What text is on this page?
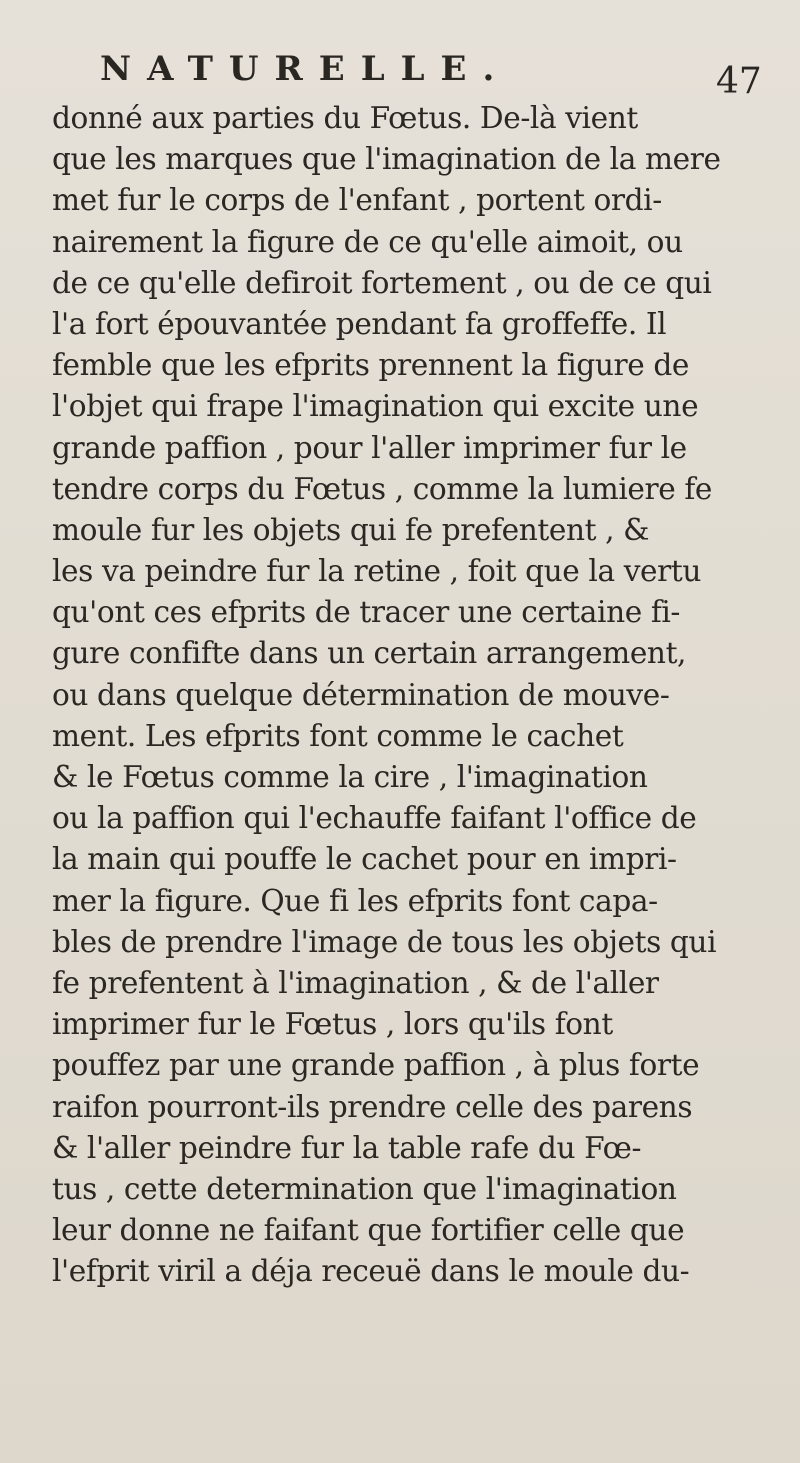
NATURELLE.	47
donné aux parties du Fœtus. De-là vient
que les marques que l'imagination de la mere
met fur le corps de l'enfant , portent ordi-
nairement la figure de ce qu'elle aimoit, ou
de ce qu'elle defiroit fortement , ou de ce qui
l'a fort épouvantée pendant fa groffeffe. Il
femble que les efprits prennent la figure de
l'objet qui frape l'imagination qui excite une
grande paffion , pour l'aller imprimer fur le
tendre corps du Fœtus , comme la lumiere fe
moule fur les objets qui fe prefentent , &
les va peindre fur la retine , foit que la vertu
qu'ont ces efprits de tracer une certaine fi-
gure confifte dans un certain arrangement,
ou dans quelque détermination de mouve-
ment. Les efprits font comme le cachet
& le Fœtus comme la cire , l'imagination
ou la paffion qui l'echauffe faifant l'office de
la main qui pouffe le cachet pour en impri-
mer la figure. Que fi les efprits font capa-
bles de prendre l'image de tous les objets qui
fe prefentent à l'imagination , & de l'aller
imprimer fur le Fœtus , lors qu'ils font
pouffez par une grande paffion , à plus forte
raifon pourront-ils prendre celle des parens
& l'aller peindre fur la table rafe du Fœ-
tus , cette determination que l'imagination
leur donne ne faifant que fortifier celle que
l'efprit viril a déja receuë dans le moule du-
